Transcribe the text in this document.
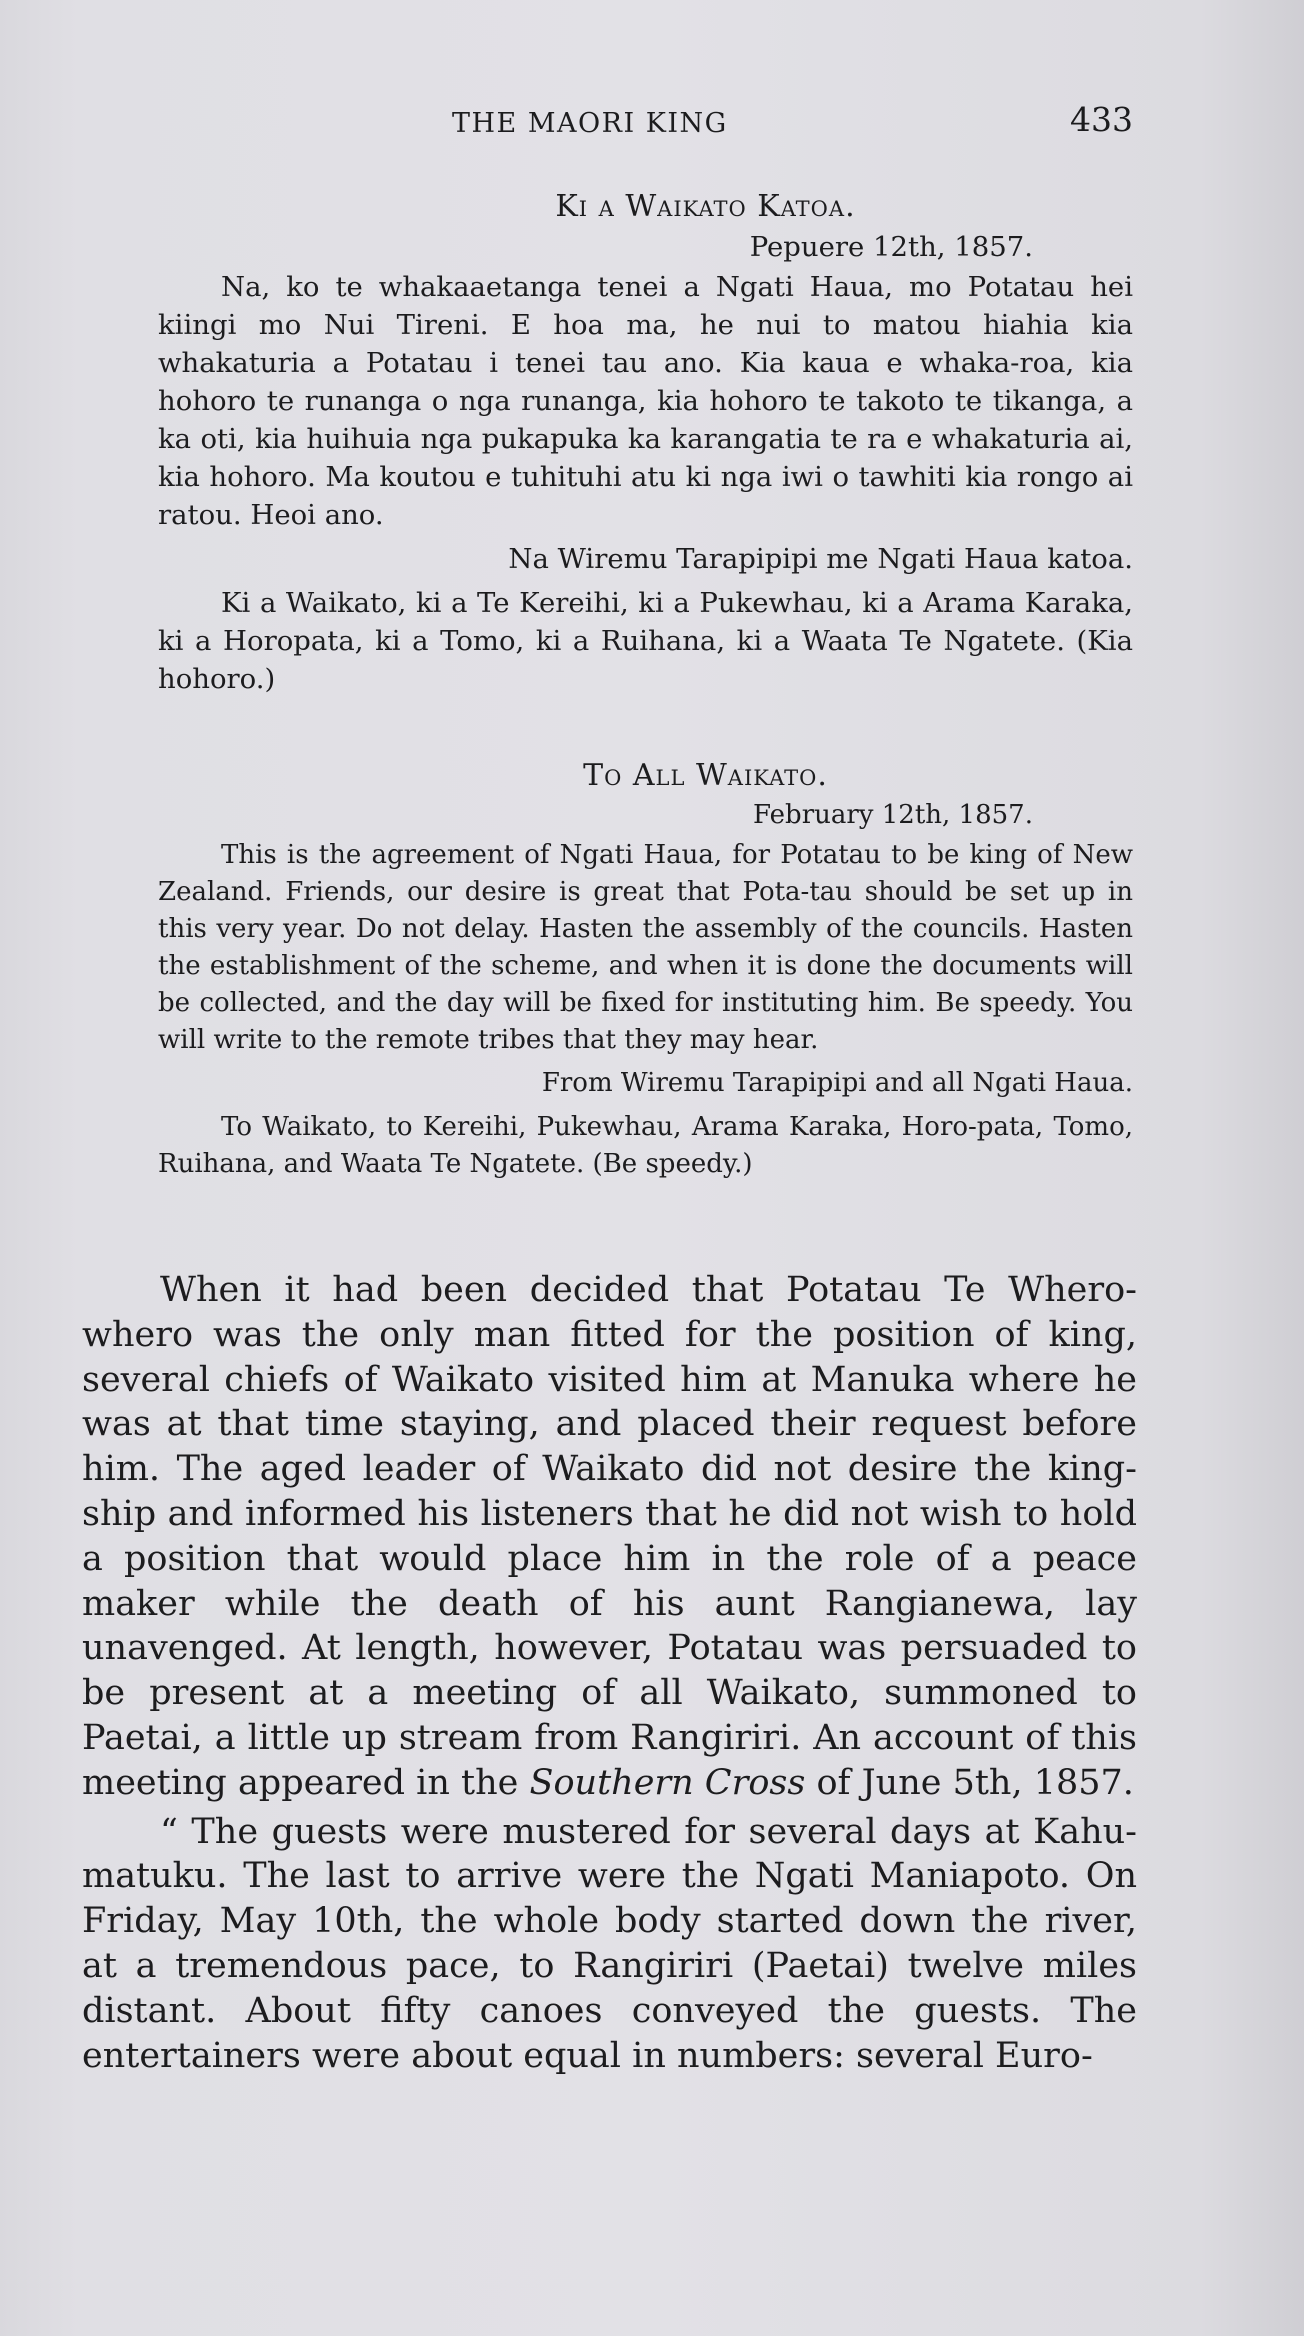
THE MAORI KING	433

Ki a Waikato Katoa.

Pepuere 12th, 1857.

Na, ko te whakaaetanga tenei a Ngati Haua, mo Potatau hei kiingi mo Nui Tireni. E hoa ma, he nui to matou hiahia kia whakaturia a Potatau i tenei tau ano. Kia kaua e whaka-roa, kia hohoro te runanga o nga runanga, kia hohoro te takoto te tikanga, a ka oti, kia huihuia nga pukapuka ka karangatia te ra e whakaturia ai, kia hohoro. Ma koutou e tuhituhi atu ki nga iwi o tawhiti kia rongo ai ratou. Heoi ano.

Na Wiremu Tarapipipi me Ngati Haua katoa.

Ki a Waikato, ki a Te Kereihi, ki a Pukewhau, ki a Arama Karaka, ki a Horopata, ki a Tomo, ki a Ruihana, ki a Waata Te Ngatete. (Kia hohoro.)

To All Waikato.

February 12th, 1857.

This is the agreement of Ngati Haua, for Potatau to be king of New Zealand. Friends, our desire is great that Pota-tau should be set up in this very year. Do not delay. Hasten the assembly of the councils. Hasten the establishment of the scheme, and when it is done the documents will be collected, and the day will be fixed for instituting him. Be speedy. You will write to the remote tribes that they may hear.

From Wiremu Tarapipipi and all Ngati Haua.

To Waikato, to Kereihi, Pukewhau, Arama Karaka, Horo-pata, Tomo, Ruihana, and Waata Te Ngatete. (Be speedy.)

When it had been decided that Potatau Te Whero-whero was the only man fitted for the position of king, several chiefs of Waikato visited him at Manuka where he was at that time staying, and placed their request before him. The aged leader of Waikato did not desire the king-ship and informed his listeners that he did not wish to hold a position that would place him in the role of a peace maker while the death of his aunt Rangianewa, lay unavenged. At length, however, Potatau was persuaded to be present at a meeting of all Waikato, summoned to Paetai, a little up stream from Rangiriri. An account of this meeting appeared in the Southern Cross of June 5th, 1857.

“ The guests were mustered for several days at Kahu-matuku. The last to arrive were the Ngati Maniapoto. On Friday, May 10th, the whole body started down the river, at a tremendous pace, to Rangiriri (Paetai) twelve miles distant. About fifty canoes conveyed the guests. The entertainers were about equal in numbers: several Euro-
